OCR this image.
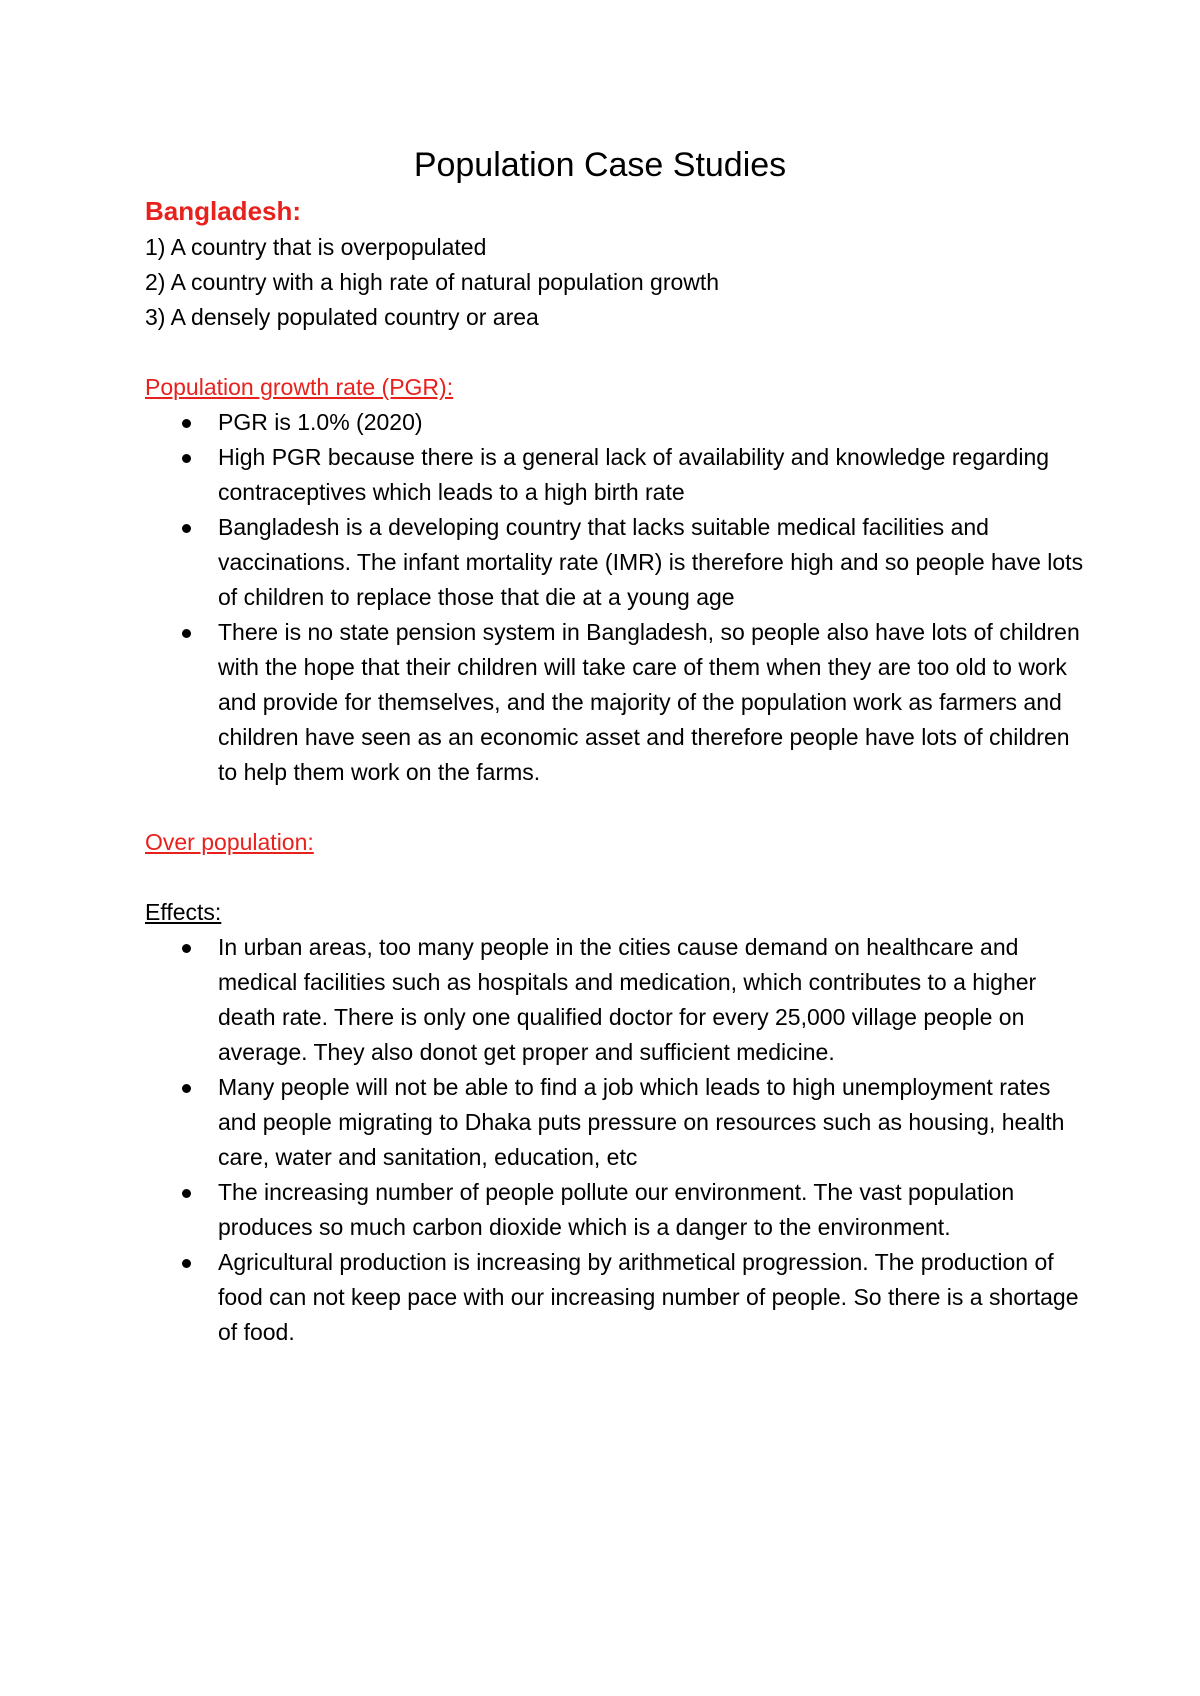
Population Case Studies

Bangladesh:

1) A country that is overpopulated
2) A country with a high rate of natural population growth
3) A densely populated country or area

Population growth rate (PGR):

PGR is 1.0% (2020)
High PGR because there is a general lack of availability and knowledge regarding contraceptives which leads to a high birth rate
Bangladesh is a developing country that lacks suitable medical facilities and vaccinations. The infant mortality rate (IMR) is therefore high and so people have lots of children to replace those that die at a young age
There is no state pension system in Bangladesh, so people also have lots of children with the hope that their children will take care of them when they are too old to work and provide for themselves, and the majority of the population work as farmers and children have seen as an economic asset and therefore people have lots of children to help them work on the farms.

Over population:

Effects:

In urban areas, too many people in the cities cause demand on healthcare and medical facilities such as hospitals and medication, which contributes to a higher death rate. There is only one qualified doctor for every 25,000 village people on average. They also donot get proper and sufficient medicine.
Many people will not be able to find a job which leads to high unemployment rates and people migrating to Dhaka puts pressure on resources such as housing, health care, water and sanitation, education, etc
The increasing number of people pollute our environment. The vast population produces so much carbon dioxide which is a danger to the environment.
Agricultural production is increasing by arithmetical progression. The production of food can not keep pace with our increasing number of people. So there is a shortage of food.
